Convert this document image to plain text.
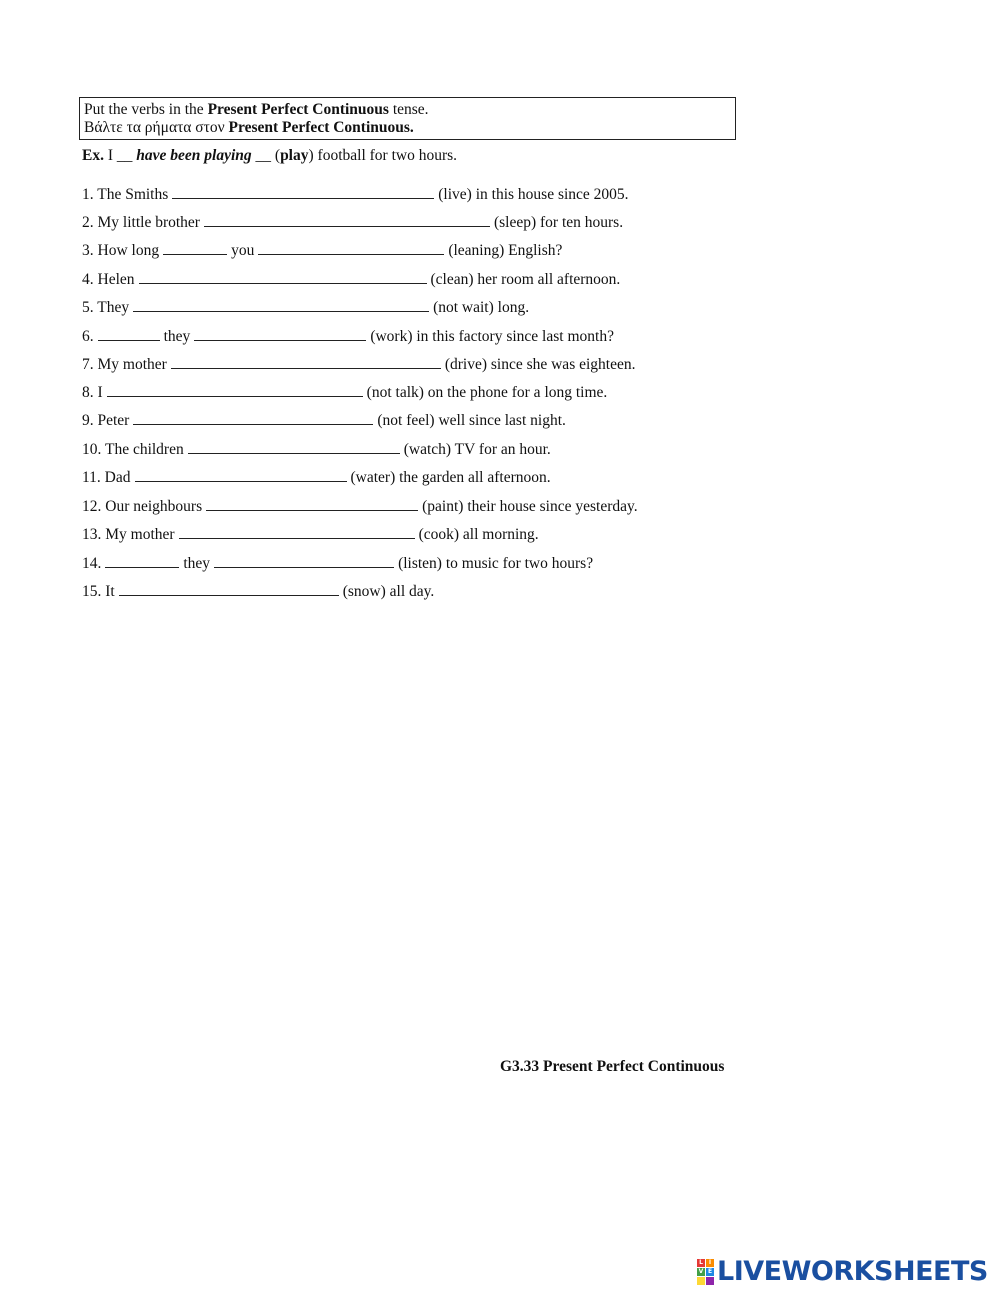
Put the verbs in the Present Perfect Continuous tense.
Βάλτε τα ρήματα στον Present Perfect Continuous.
Ex. I __ have been playing __ (play) football for two hours.
1. The Smiths	(live) in this house since 2005.
2. My little brother	(sleep) for ten hours.
3. How long	you	(leaning) English?
4. Helen	(clean) her room all afternoon.
5. They	(not wait) long.
6.	they	(work) in this factory since last month?
7. My mother	(drive) since she was eighteen.
8. I	(not talk) on the phone for a long time.
9. Peter	(not feel) well since last night.
10. The children	(watch) TV for an hour.
11. Dad	(water) the garden all afternoon.
12. Our neighbours	(paint) their house since yesterday.
13. My mother	(cook) all morning.
14.	they	(listen) to music for two hours?
15. It	(snow) all day.
G3.33 Present Perfect Continuous
L I
V E LIVEWORKSHEETS
